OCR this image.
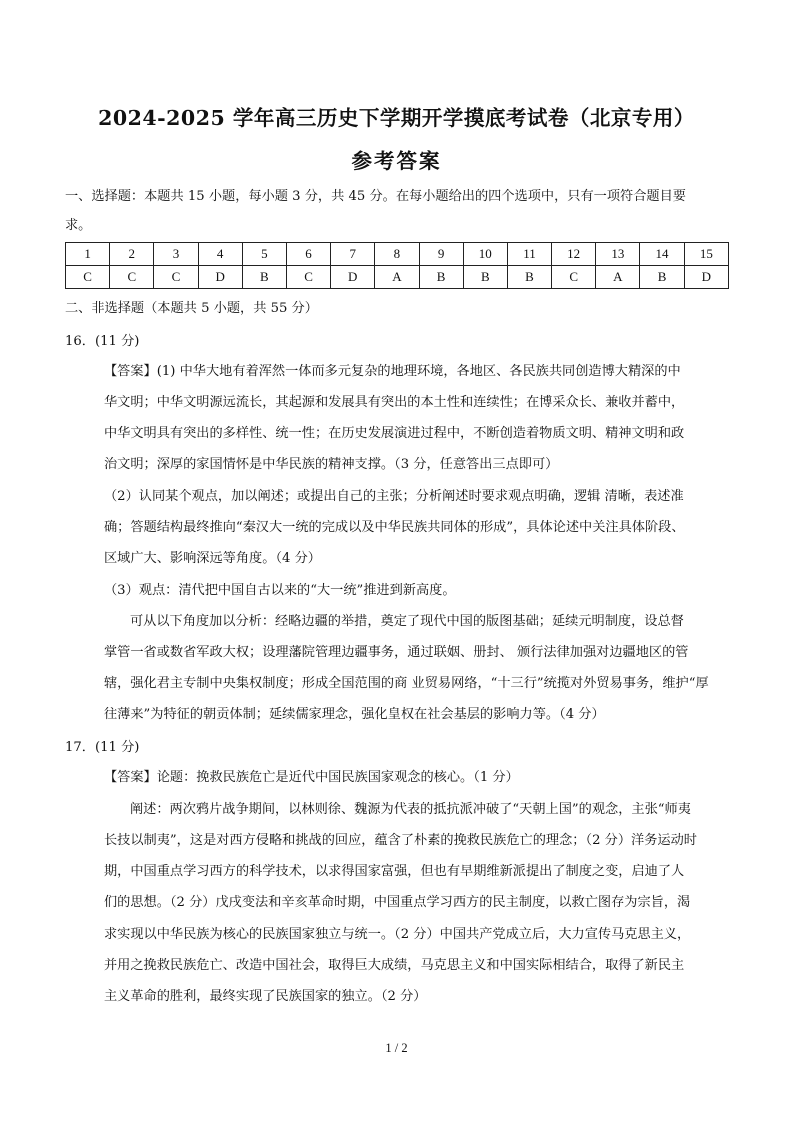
2024-2025 学年高三历史下学期开学摸底考试卷（北京专用）
参考答案
一、选择题：本题共 15 小题，每小题 3 分，共 45 分。在每小题给出的四个选项中，只有一项符合题目要
求。
1	2	3	4	5	6	7	8	9	10	11	12	13	14	15
C	C	C	D	B	C	D	A	B	B	B	C	A	B	D
二、非选择题（本题共 5 小题，共 55 分）
16．(11 分)
【答案】(1) 中华大地有着浑然一体而多元复杂的地理环境，各地区、各民族共同创造博大精深的中
华文明；中华文明源远流长，其起源和发展具有突出的本土性和连续性；在博采众长、兼收并蓄中，
中华文明具有突出的多样性、统一性；在历史发展演进过程中，不断创造着物质文明、精神文明和政
治文明；深厚的家国情怀是中华民族的精神支撑。（3 分，任意答出三点即可）
（2）认同某个观点，加以阐述；或提出自己的主张；分析阐述时要求观点明确，逻辑 清晰，表述准
确；答题结构最终推向“秦汉大一统的完成以及中华民族共同体的形成”，具体论述中关注具体阶段、
区域广大、影响深远等角度。（4 分）
（3）观点：清代把中国自古以来的“大一统”推进到新高度。
可从以下角度加以分析：经略边疆的举措，奠定了现代中国的版图基础；延续元明制度，设总督
掌管一省或数省军政大权；设理藩院管理边疆事务，通过联姻、册封、 颁行法律加强对边疆地区的管
辖，强化君主专制中央集权制度；形成全国范围的商 业贸易网络，“十三行”统揽对外贸易事务，维护“厚
往薄来”为特征的朝贡体制；延续儒家理念，强化皇权在社会基层的影响力等。（4 分）
17．(11 分)
【答案】论题：挽救民族危亡是近代中国民族国家观念的核心。（1 分）
阐述：两次鸦片战争期间，以林则徐、魏源为代表的抵抗派冲破了“天朝上国”的观念，主张“师夷
长技以制夷”，这是对西方侵略和挑战的回应，蕴含了朴素的挽救民族危亡的理念；（2 分）洋务运动时
期，中国重点学习西方的科学技术，以求得国家富强，但也有早期维新派提出了制度之变，启迪了人
们的思想。（2 分）戊戌变法和辛亥革命时期，中国重点学习西方的民主制度，以救亡图存为宗旨，渴
求实现以中华民族为核心的民族国家独立与统一。（2 分）中国共产党成立后，大力宣传马克思主义，
并用之挽救民族危亡、改造中国社会，取得巨大成绩，马克思主义和中国实际相结合，取得了新民主
主义革命的胜利，最终实现了民族国家的独立。（2 分）
1 / 2
